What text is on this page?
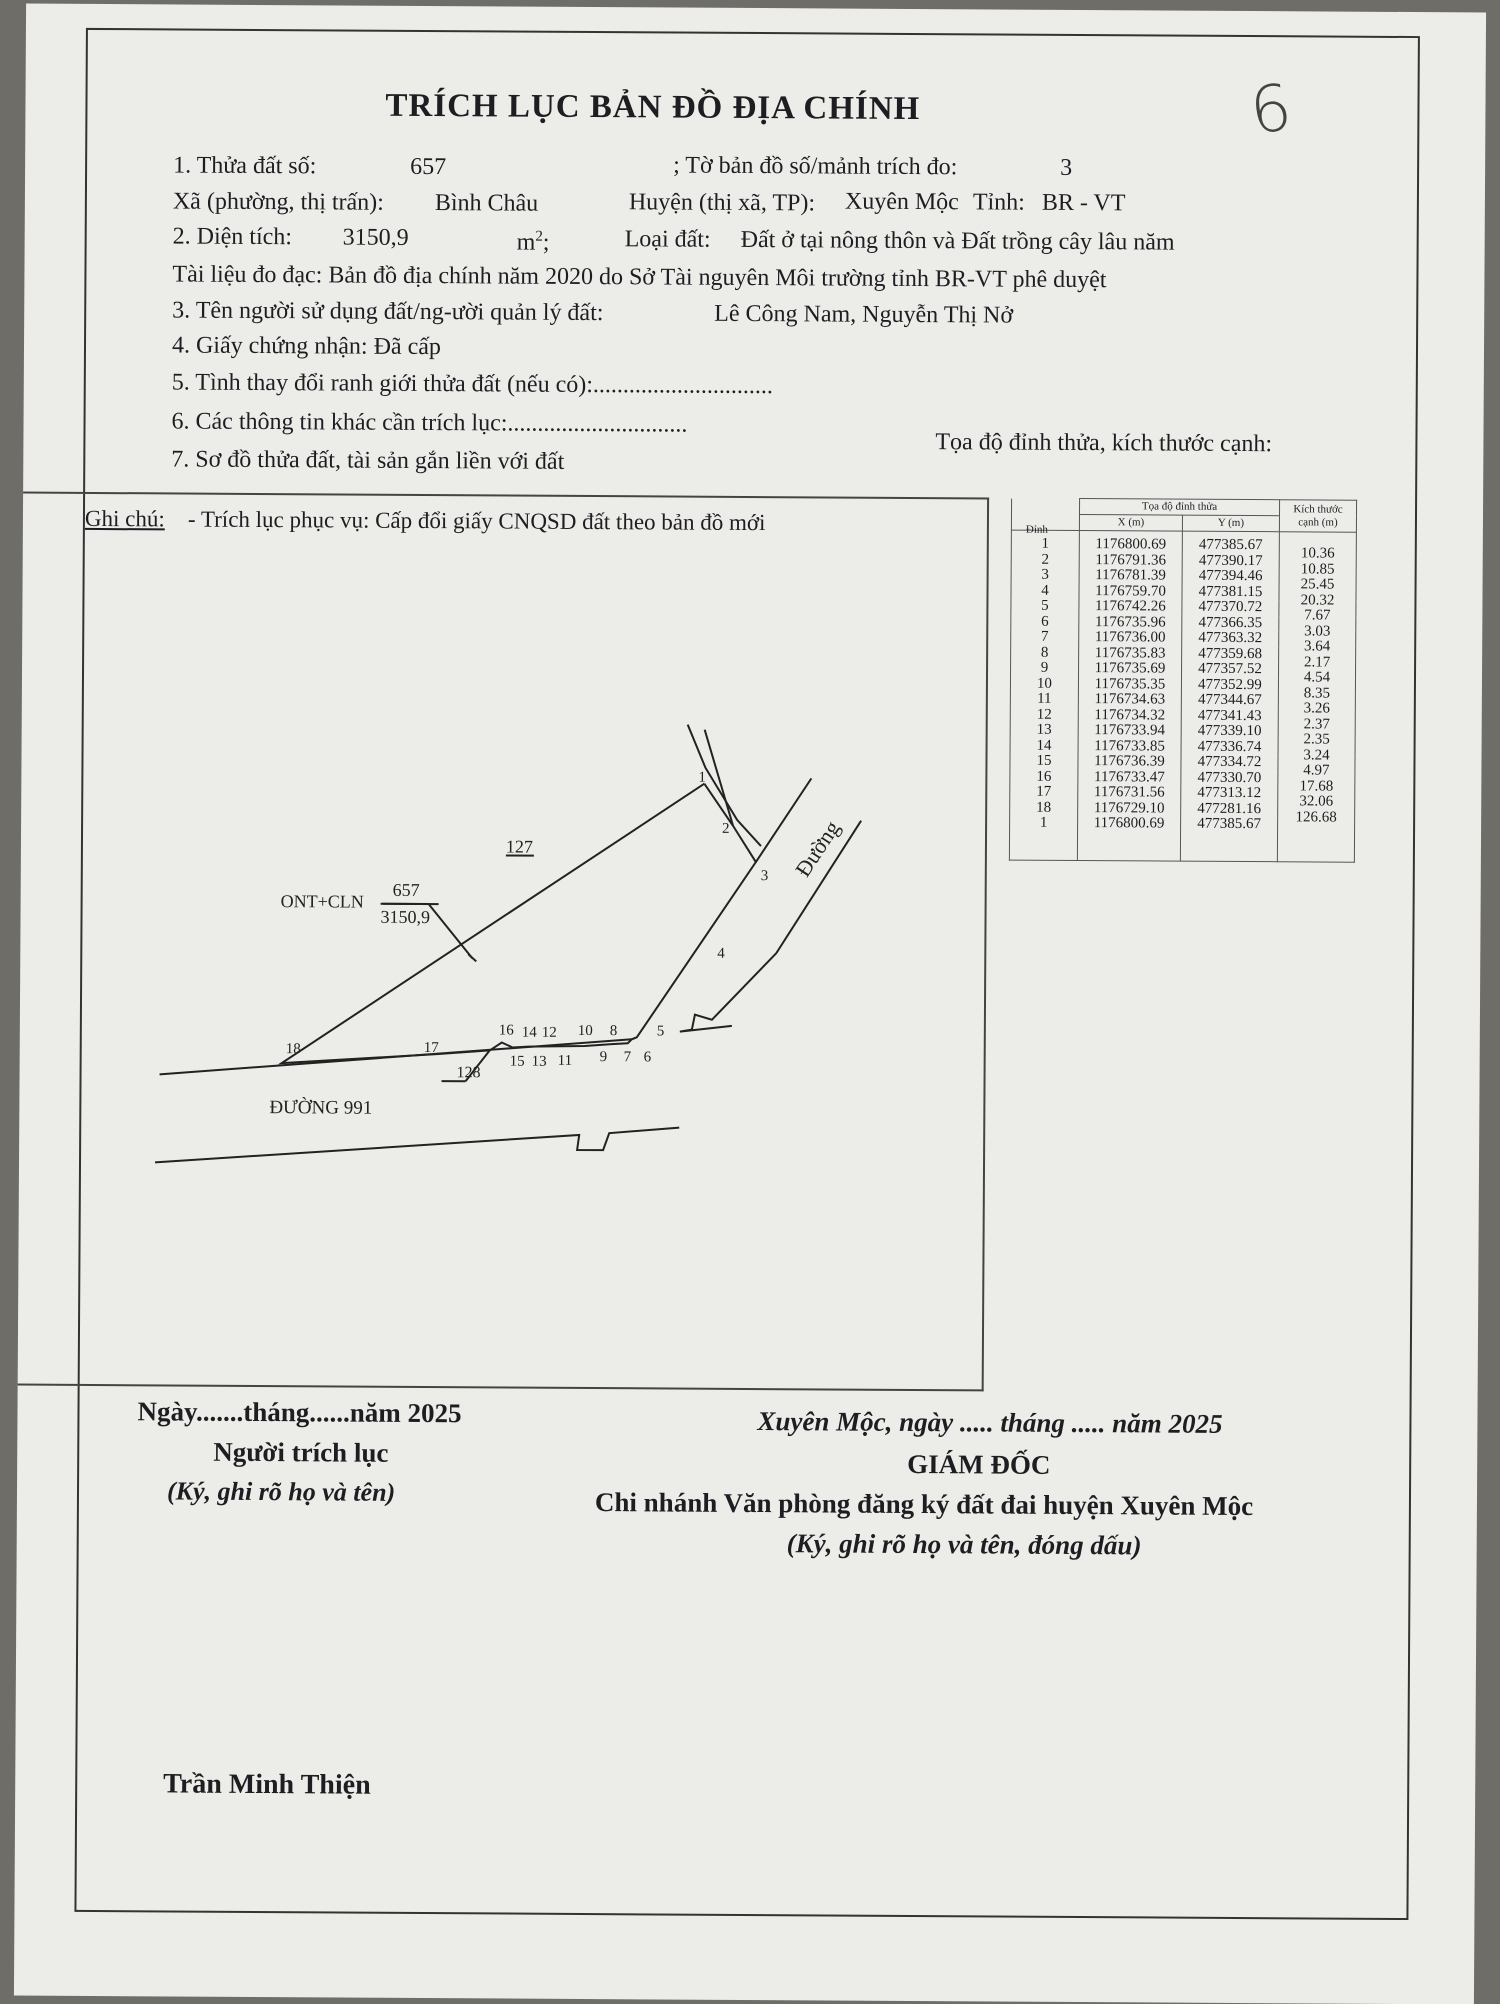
TRÍCH LỤC BẢN ĐỒ ĐỊA CHÍNH	6
1. Thửa đất số:	657	; Tờ bản đồ số/mảnh trích đo:	3
Xã (phường, thị trấn): Bình Châu	Huyện (thị xã, TP): Xuyên Mộc Tỉnh: BR - VT
2. Diện tích: 3150,9	$m^2$;	Loại đất: Đất ở tại nông thôn và Đất trồng cây lâu năm
Tài liệu đo đạc: Bản đồ địa chính năm 2020 do Sở Tài nguyên Môi trường tỉnh BR-VT phê duyệt
3. Tên người sử dụng đất/ng-ười quản lý đất:	Lê Công Nam, Nguyễn Thị Nở
4. Giấy chứng nhận: Đã cấp
5. Tình thay đổi ranh giới thửa đất (nếu có):..............................
6. Các thông tin khác cần trích lục:..............................
Tọa độ đỉnh thửa, kích thước cạnh:
7. Sơ đồ thửa đất, tài sản gắn liền với đất
Ghi chú: - Trích lục phục vụ: Cấp đổi giấy CNQSD đất theo bản đồ mới
1
2
3
4
5
6
7
8
9
10
11
12
13
14
15
16
17
18
127
128
ONT+CLN
657
3150,9
ĐƯỜNG 991
Đường
	Tọa độ đỉnh thửa		Kích thước cạnh (m)
	X (m)	Y (m)	
1	1176800.69	477385.67	10.36
2	1176791.36	477390.17	10.85
3	1176781.39	477394.46	25.45
4	1176759.70	477381.15	20.32
5	1176742.26	477370.72	7.67
6	1176735.96	477366.35	3.03
7	1176736.00	477363.32	3.64
8	1176735.83	477359.68	2.17
9	1176735.69	477357.52	4.54
10	1176735.35	477352.99	8.35
11	1176734.63	477344.67	3.26
12	1176734.32	477341.43	2.37
13	1176733.94	477339.10	2.35
14	1176733.85	477336.74	3.24
15	1176736.39	477334.72	4.97
16	1176733.47	477330.70	17.68
17	1176731.56	477313.12	32.06
18	1176729.10	477281.16	126.68
1	1176800.69	477385.67	
Đỉnh
Ngày.......tháng......năm 2025
Người trích lục
(Ký, ghi rõ họ và tên)
Xuyên Mộc, ngày ..... tháng ..... năm 2025
GIÁM ĐỐC
Chi nhánh Văn phòng đăng ký đất đai huyện Xuyên Mộc
(Ký, ghi rõ họ và tên, đóng dấu)
Trần Minh Thiện
